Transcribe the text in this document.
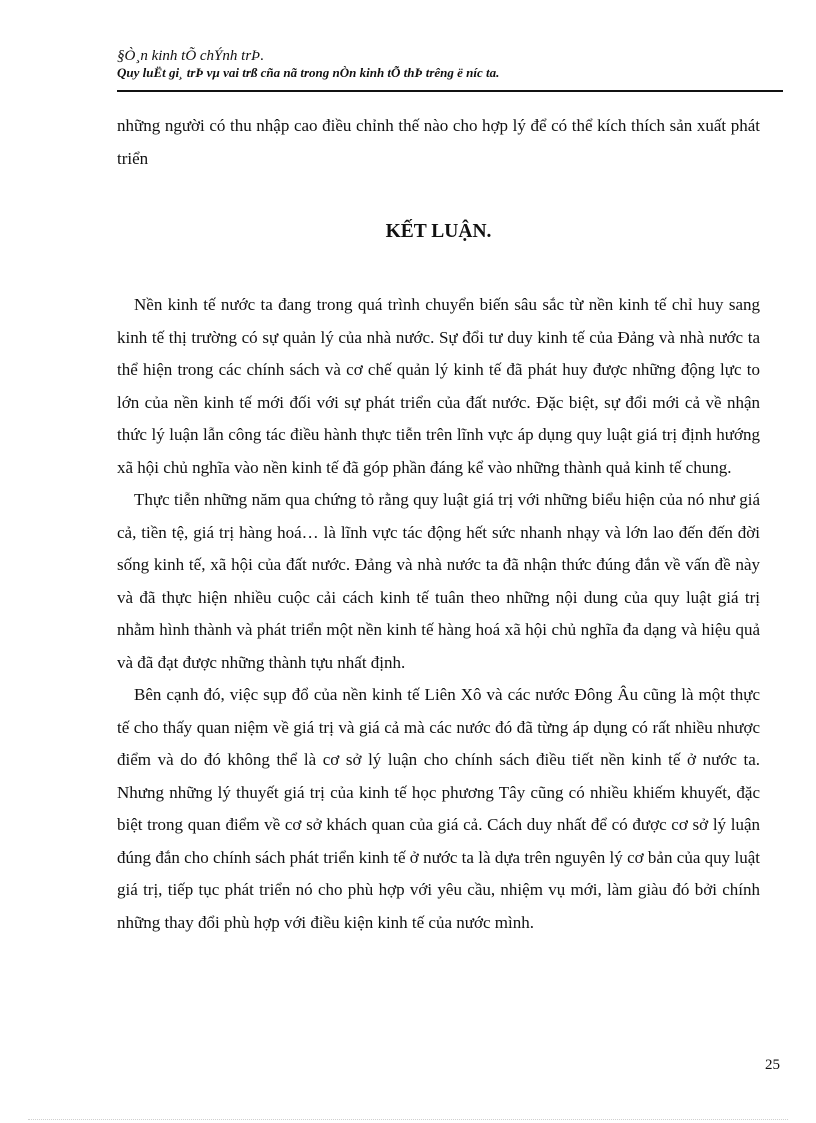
§Ò¸n kinh tÕ chÝnh trÞ.
Quy luËt gi¸ trÞ vµ vai trß cña nã trong nÒn kinh tÕ thÞ trêng ë níc ta.

những người có thu nhập cao điều chỉnh thế nào cho hợp lý để có thể kích thích sản xuất phát triển

KẾT LUẬN.

Nền kinh tế nước ta đang trong quá trình chuyển biến sâu sắc từ nền kinh tế chỉ huy sang kinh tế thị trường có sự quản lý của nhà nước. Sự đổi tư duy kinh tế của Đảng và nhà nước ta thể hiện trong các chính sách và cơ chế quản lý kinh tế đã phát huy được những động lực to lớn của nền kinh tế mới đối với sự phát triển của đất nước. Đặc biệt, sự đổi mới cả về nhận thức lý luận lẫn công tác điều hành thực tiễn trên lĩnh vực áp dụng quy luật giá trị định hướng xã hội chủ nghĩa vào nền kinh tế đã góp phần đáng kể vào những thành quả kinh tế chung.

Thực tiễn những năm qua chứng tỏ rằng quy luật giá trị với những biểu hiện của nó như giá cả, tiền tệ, giá trị hàng hoá… là lĩnh vực tác động hết sức nhanh nhạy và lớn lao đến đến đời sống kinh tế, xã hội của đất nước. Đảng và nhà nước ta đã nhận thức đúng đắn về vấn đề này và đã thực hiện nhiều cuộc cải cách kinh tế tuân theo những nội dung của quy luật giá trị nhằm hình thành và phát triển một nền kinh tế hàng hoá xã hội chủ nghĩa đa dạng và hiệu quả và đã đạt được những thành tựu nhất định.

Bên cạnh đó, việc sụp đổ của nền kinh tế Liên Xô và các nước Đông Âu cũng là một thực tế cho thấy quan niệm về giá trị và giá cả mà các nước đó đã từng áp dụng có rất nhiều nhược điểm và do đó không thể là cơ sở lý luận cho chính sách điều tiết nền kinh tế ở nước ta. Nhưng những lý thuyết giá trị của kinh tế học phương Tây cũng có nhiều khiếm khuyết, đặc biệt trong quan điểm về cơ sở khách quan của giá cả. Cách duy nhất để có được cơ sở lý luận đúng đắn cho chính sách phát triển kinh tế ở nước ta là dựa trên nguyên lý cơ bản của quy luật giá trị, tiếp tục phát triển nó cho phù hợp với yêu cầu, nhiệm vụ mới, làm giàu đó bởi chính những thay đổi phù hợp với điều kiện kinh tế của nước mình.

25
